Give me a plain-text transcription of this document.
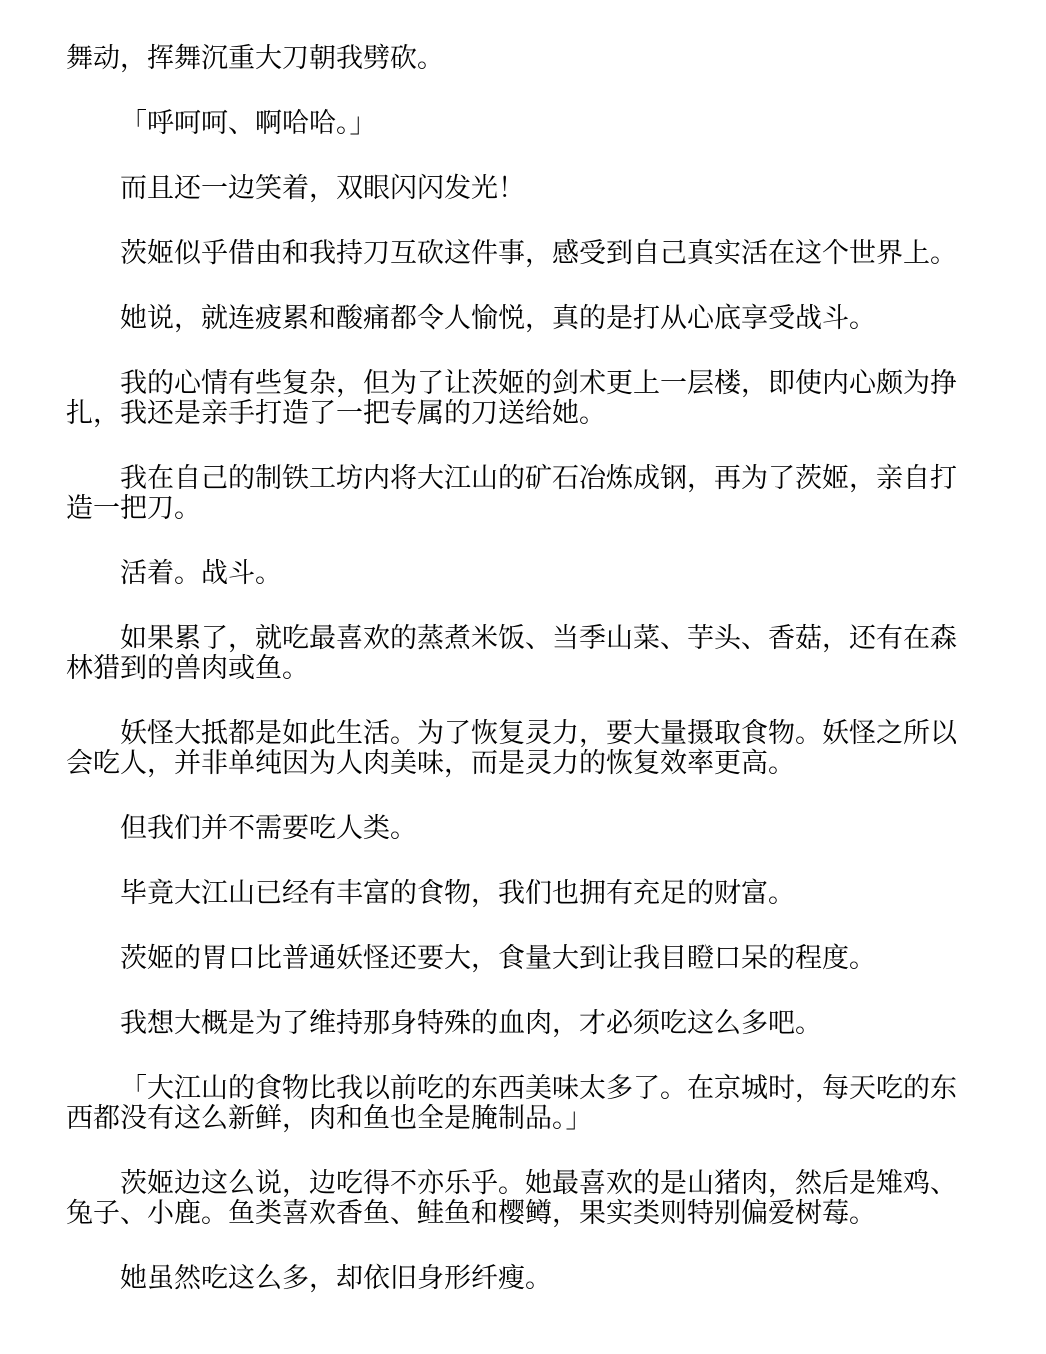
舞动，挥舞沉重大刀朝我劈砍。

「呼呵呵、啊哈哈。」

而且还一边笑着，双眼闪闪发光！

茨姬似乎借由和我持刀互砍这件事，感受到自己真实活在这个世界上。

她说，就连疲累和酸痛都令人愉悦，真的是打从心底享受战斗。

我的心情有些复杂，但为了让茨姬的剑术更上一层楼，即使内心颇为挣扎，我还是亲手打造了一把专属的刀送给她。

我在自己的制铁工坊内将大江山的矿石冶炼成钢，再为了茨姬，亲自打造一把刀。

活着。战斗。

如果累了，就吃最喜欢的蒸煮米饭、当季山菜、芋头、香菇，还有在森林猎到的兽肉或鱼。

妖怪大抵都是如此生活。为了恢复灵力，要大量摄取食物。妖怪之所以会吃人，并非单纯因为人肉美味，而是灵力的恢复效率更高。

但我们并不需要吃人类。

毕竟大江山已经有丰富的食物，我们也拥有充足的财富。

茨姬的胃口比普通妖怪还要大，食量大到让我目瞪口呆的程度。

我想大概是为了维持那身特殊的血肉，才必须吃这么多吧。

「大江山的食物比我以前吃的东西美味太多了。在京城时，每天吃的东西都没有这么新鲜，肉和鱼也全是腌制品。」

茨姬边这么说，边吃得不亦乐乎。她最喜欢的是山猪肉，然后是雉鸡、兔子、小鹿。鱼类喜欢香鱼、鲑鱼和樱鳟，果实类则特别偏爱树莓。

她虽然吃这么多，却依旧身形纤瘦。
